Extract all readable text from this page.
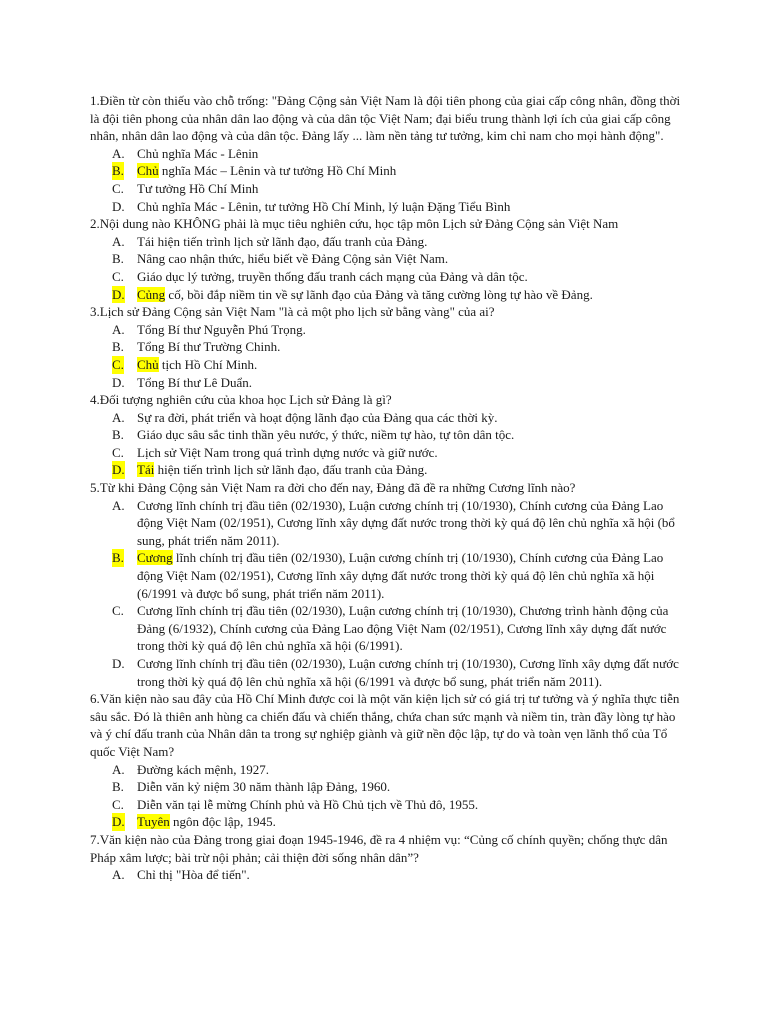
1.Điền từ còn thiếu vào chỗ trống: "Đảng Cộng sản Việt Nam là đội tiên phong của giai cấp công nhân, đồng thời là đội tiên phong của nhân dân lao động và của dân tộc Việt Nam; đại biểu trung thành lợi ích của giai cấp công nhân, nhân dân lao động và của dân tộc. Đảng lấy ... làm nền tảng tư tưởng, kim chỉ nam cho mọi hành động".

A. Chủ nghĩa Mác - Lênin
B. Chủ nghĩa Mác – Lênin và tư tưởng Hồ Chí Minh
C. Tư tưởng Hồ Chí Minh
D. Chủ nghĩa Mác - Lênin, tư tưởng Hồ Chí Minh, lý luận Đặng Tiểu Bình

2.Nội dung nào KHÔNG phải là mục tiêu nghiên cứu, học tập môn Lịch sử Đảng Cộng sản Việt Nam

A. Tái hiện tiến trình lịch sử lãnh đạo, đấu tranh của Đảng.
B. Nâng cao nhận thức, hiểu biết về Đảng Cộng sản Việt Nam.
C. Giáo dục lý tưởng, truyền thống đấu tranh cách mạng của Đảng và dân tộc.
D. Củng cố, bồi đắp niềm tin về sự lãnh đạo của Đảng và tăng cường lòng tự hào về Đảng.

3.Lịch sử Đảng Cộng sản Việt Nam "là cả một pho lịch sử bằng vàng" của ai?

A. Tổng Bí thư Nguyễn Phú Trọng.
B. Tổng Bí thư Trường Chinh.
C. Chủ tịch Hồ Chí Minh.
D. Tổng Bí thư Lê Duẩn.

4.Đối tượng nghiên cứu của khoa học Lịch sử Đảng là gì?

A. Sự ra đời, phát triển và hoạt động lãnh đạo của Đảng qua các thời kỳ.
B. Giáo dục sâu sắc tinh thần yêu nước, ý thức, niềm tự hào, tự tôn dân tộc.
C. Lịch sử Việt Nam trong quá trình dựng nước và giữ nước.
D. Tái hiện tiến trình lịch sử lãnh đạo, đấu tranh của Đảng.

5.Từ khi Đảng Cộng sản Việt Nam ra đời cho đến nay, Đảng đã đề ra những Cương lĩnh nào?

A. Cương lĩnh chính trị đầu tiên (02/1930), Luận cương chính trị (10/1930), Chính cương của Đảng Lao động Việt Nam (02/1951), Cương lĩnh xây dựng đất nước trong thời kỳ quá độ lên chủ nghĩa xã hội (bổ sung, phát triển năm 2011).
B. Cương lĩnh chính trị đầu tiên (02/1930), Luận cương chính trị (10/1930), Chính cương của Đảng Lao động Việt Nam (02/1951), Cương lĩnh xây dựng đất nước trong thời kỳ quá độ lên chủ nghĩa xã hội (6/1991 và được bổ sung, phát triển năm 2011).
C. Cương lĩnh chính trị đầu tiên (02/1930), Luận cương chính trị (10/1930), Chương trình hành động của Đảng (6/1932), Chính cương của Đảng Lao động Việt Nam (02/1951), Cương lĩnh xây dựng đất nước trong thời kỳ quá độ lên chủ nghĩa xã hội (6/1991).
D. Cương lĩnh chính trị đầu tiên (02/1930), Luận cương chính trị (10/1930), Cương lĩnh xây dựng đất nước trong thời kỳ quá độ lên chủ nghĩa xã hội (6/1991 và được bổ sung, phát triển năm 2011).

6.Văn kiện nào sau đây của Hồ Chí Minh được coi là một văn kiện lịch sử có giá trị tư tưởng và ý nghĩa thực tiễn sâu sắc. Đó là thiên anh hùng ca chiến đấu và chiến thắng, chứa chan sức mạnh và niềm tin, tràn đầy lòng tự hào và ý chí đấu tranh của Nhân dân ta trong sự nghiệp giành và giữ nền độc lập, tự do và toàn vẹn lãnh thổ của Tổ quốc Việt Nam?

A. Đường kách mệnh, 1927.
B. Diễn văn kỷ niệm 30 năm thành lập Đảng, 1960.
C. Diễn văn tại lễ mừng Chính phủ và Hồ Chủ tịch về Thủ đô, 1955.
D. Tuyên ngôn độc lập, 1945.

7.Văn kiện nào của Đảng trong giai đoạn 1945-1946, đề ra 4 nhiệm vụ: “Củng cố chính quyền; chống thực dân Pháp xâm lược; bài trừ nội phản; cải thiện đời sống nhân dân”?

A. Chỉ thị "Hòa để tiến".
